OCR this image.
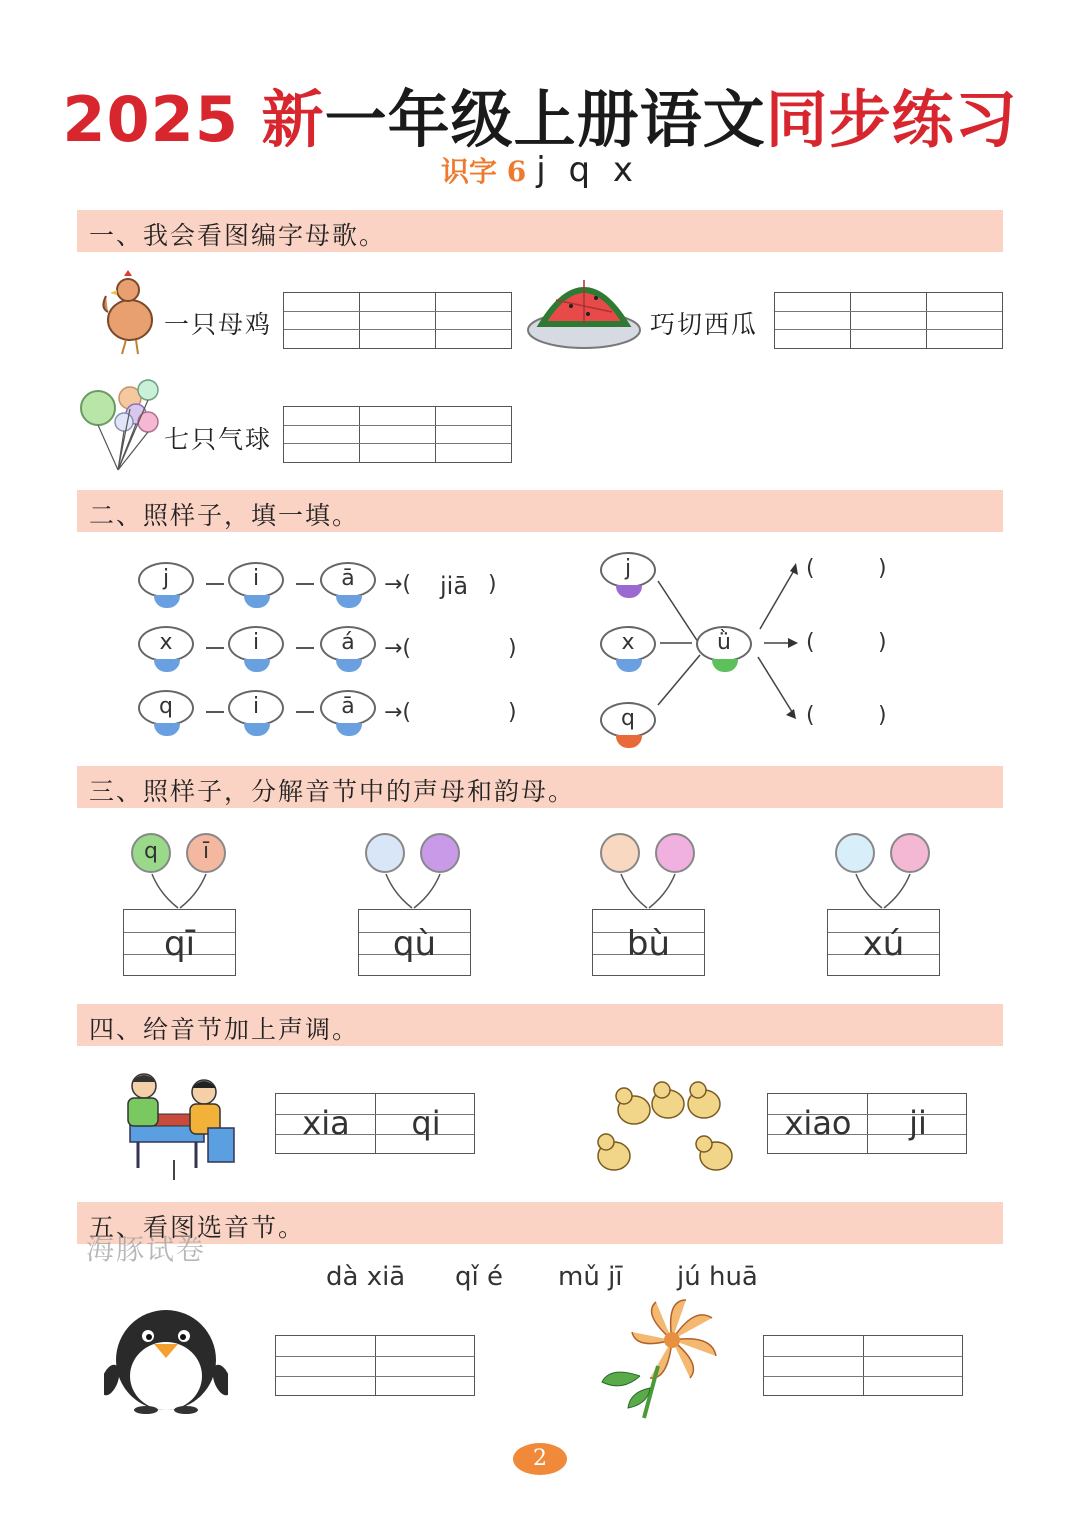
2025 新一年级上册语文同步练习
识字 6 j q x
一、我会看图编字母歌。
一只母鸡	巧切西瓜
七只气球
二、照样子，填一填。
j	i	ā	→( jiā )
x	i	á	→(	)
q	i	ā	→(	)
j
x
q
ǜ
(	)
(	)
(	)
三、照样子，分解音节中的声母和韵母。
q	ī
qī	qù	bù	xú
四、给音节加上声调。
xia	qi	xiao	ji
五、看图选音节。
海豚试卷
dà xiā qǐ é mǔ jī jú huā
2
